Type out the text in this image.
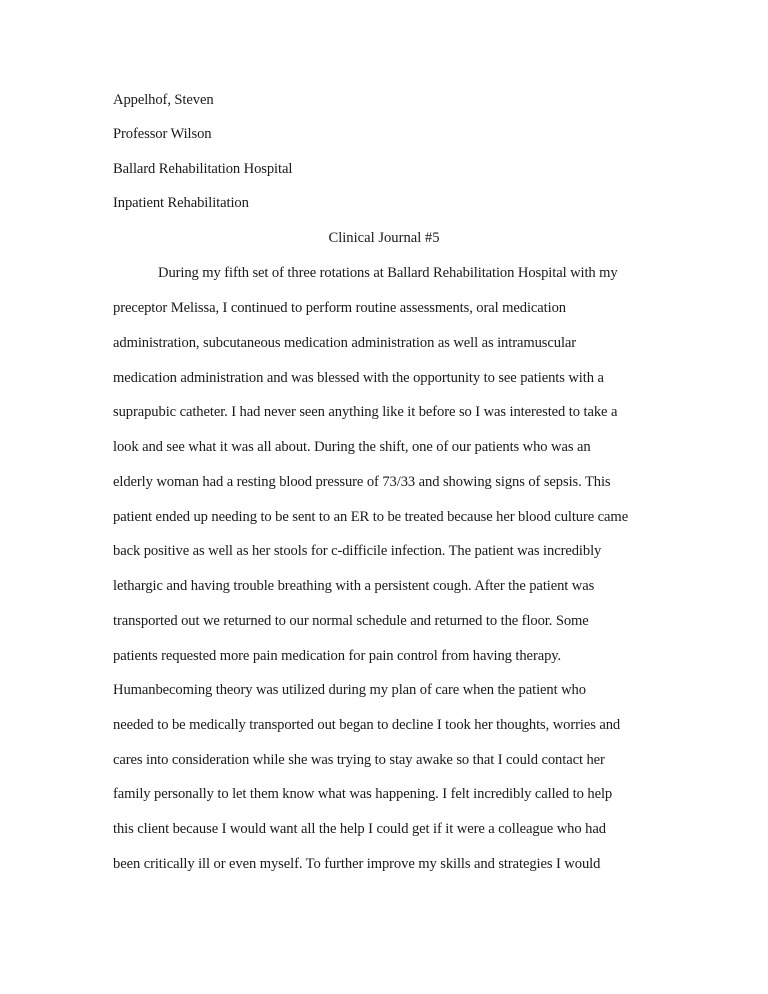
Appelhof, Steven
Professor Wilson
Ballard Rehabilitation Hospital
Inpatient Rehabilitation
Clinical Journal #5
During my fifth set of three rotations at Ballard Rehabilitation Hospital with my
preceptor Melissa, I continued to perform routine assessments, oral medication
administration, subcutaneous medication administration as well as intramuscular
medication administration and was blessed with the opportunity to see patients with a
suprapubic catheter. I had never seen anything like it before so I was interested to take a
look and see what it was all about. During the shift, one of our patients who was an
elderly woman had a resting blood pressure of 73/33 and showing signs of sepsis. This
patient ended up needing to be sent to an ER to be treated because her blood culture came
back positive as well as her stools for c-difficile infection. The patient was incredibly
lethargic and having trouble breathing with a persistent cough. After the patient was
transported out we returned to our normal schedule and returned to the floor. Some
patients requested more pain medication for pain control from having therapy.
Humanbecoming theory was utilized during my plan of care when the patient who
needed to be medically transported out began to decline I took her thoughts, worries and
cares into consideration while she was trying to stay awake so that I could contact her
family personally to let them know what was happening. I felt incredibly called to help
this client because I would want all the help I could get if it were a colleague who had
been critically ill or even myself. To further improve my skills and strategies I would
